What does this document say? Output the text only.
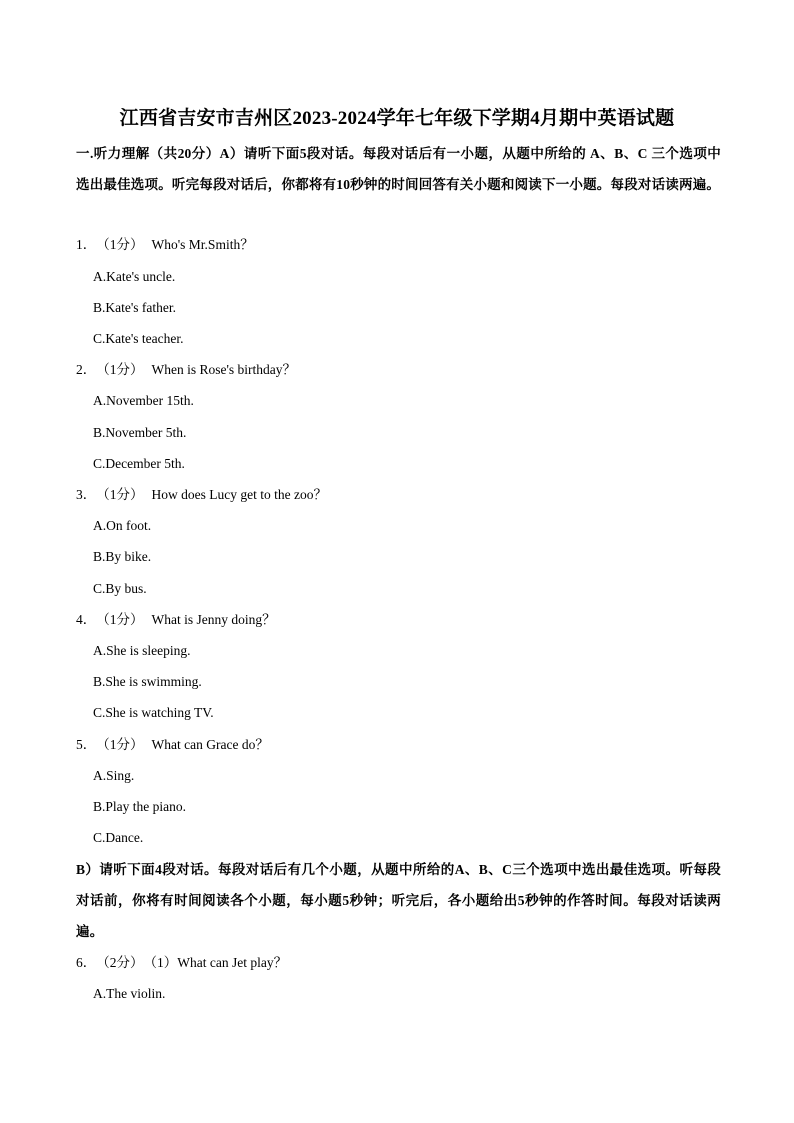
江西省吉安市吉州区2023-2024学年七年级下学期4月期中英语试题
一.听力理解（共20分）A）请听下面5段对话。每段对话后有一小题，从题中所给的 A、B、C 三个选项中选出最佳选项。听完每段对话后，你都将有10秒钟的时间回答有关小题和阅读下一小题。每段对话读两遍。
1．（1分） Who's Mr.Smith？
A.Kate's uncle.
B.Kate's father.
C.Kate's teacher.
2．（1分） When is Rose's birthday？
A.November 15th.
B.November 5th.
C.December 5th.
3．（1分） How does Lucy get to the zoo？
A.On foot.
B.By bike.
C.By bus.
4．（1分） What is Jenny doing？
A.She is sleeping.
B.She is swimming.
C.She is watching TV.
5．（1分） What can Grace do？
A.Sing.
B.Play the piano.
C.Dance.
B）请听下面4段对话。每段对话后有几个小题，从题中所给的A、B、C三个选项中选出最佳选项。听每段对话前，你将有时间阅读各个小题，每小题5秒钟；听完后，各小题给出5秒钟的作答时间。每段对话读两遍。
6．（2分）（1）What can Jet play？
A.The violin.
